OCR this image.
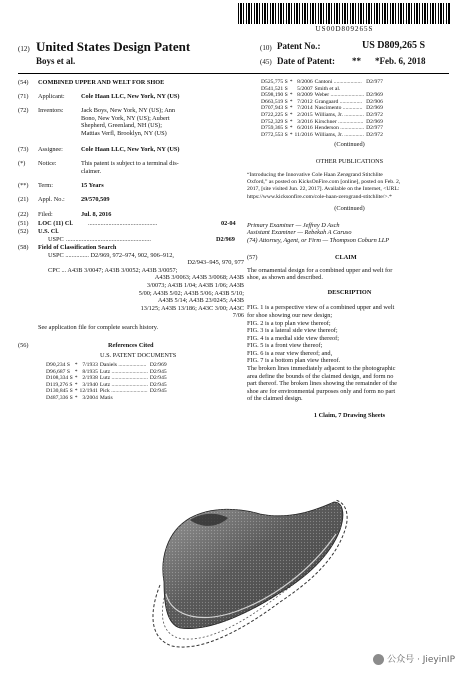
US00D809265S
(12) United States Design Patent	(10) Patent No.:	US D809,265 S
Boys et al.	(45) Date of Patent: ** *Feb. 6, 2018
(54) COMBINED UPPER AND WELT FOR SHOE
(71) Applicant:	Cole Haan LLC, New York, NY (US)
(72) Inventors:	Jack Boys, New York, NY (US); Ann
Bono, New York, NY (US); Aubert
Shepherd, Greenland, NH (US);
Mattias Verfl, Brooklyn, NY (US)
(73) Assignee:	Cole Haan LLC, New York, NY (US)
(*) Notice:	This patent is subject to a terminal dis-
claimer.
(**) Term:	15 Years
(21) Appl. No.:	29/570,509
(22) Filed:	Jul. 8, 2016
(51) LOC (11) Cl. ............................................	02-04
(52) U.S. Cl.
USPC ......................................................	D2/969
(58) Field of Classification Search
USPC ............... D2/969, 972–974, 902, 906–912,
D2/943–945, 970, 977
CPC ... A43B 3/0047; A43B 3/0052; A43B 3/0057;
A43B 3/0063; A43B 3/0068; A43B
3/0073; A43B 1/04; A43B 1/06; A43B
5/00; A43B 5/02; A43B 5/06; A43B 5/10;
A43B 5/14; A43B 23/0245; A43B
13/125; A43B 13/186; A43C 3/00; A43C
7/06
See application file for complete search history.
(56)	References Cited
U.S. PATENT DOCUMENTS
D90,234 S	*	7/1933	Daniels ....................	D2/969
D96,687 S	*	8/1935	Lutz ..........................	D2/945
D108,334 S	*	2/1938	Lutz ..........................	D2/945
D119,276 S	*	3/1940	Lutz ..........................	D2/945
D130,845 S	*	12/1941	Pick ..........................	D2/945
D487,336 S	*	3/2004	Matis	
D525,775 S	*	8/2006	Cantoni ....................	D2/977
D541,521 S		5/2007	Smith et al.	
D598,190 S	*	8/2009	Weber ........................	D2/969
D663,519 S	*	7/2012	Grangaard ................	D2/906
D707,943 S	*	7/2014	Nascimento ..............	D2/969
D722,225 S	*	2/2015	Williams, Jr. ..............	D2/972
D752,329 S	*	3/2016	Kirschner ..................	D2/969
D759,365 S	*	6/2016	Henderson .................	D2/977
D772,553 S	*	11/2016	Williams, Jr. ..............	D2/972
(Continued)
OTHER PUBLICATIONS
“Introducing the Innovative Cole Haan Zerøgrand Stitchlite
Oxford,” as posted on KicksOnFire.com [online], posted on Feb. 2,
2017, [site visited Jun. 22, 2017]. Available on the Internet, <URL:
https://www.kicksonfire.com/cole-haan-zerogrand-stitchlite/>.*
(Continued)
Primary Examiner — Jeffrey D Asch
Assistant Examiner — Rebekah A Caruso
(74) Attorney, Agent, or Firm — Thompson Coburn LLP
(57)	CLAIM
The ornamental design for a combined upper and welt for
shoe, as shown and described.
DESCRIPTION
FIG. 1 is a perspective view of a combined upper and welt
for shoe showing our new design;
FIG. 2 is a top plan view thereof;
FIG. 3 is a lateral side view thereof;
FIG. 4 is a medial side view thereof;
FIG. 5 is a front view thereof;
FIG. 6 is a rear view thereof; and,
FIG. 7 is a bottom plan view thereof.
The broken lines immediately adjacent to the photographic
area define the bounds of the claimed design, and form no
part thereof. The broken lines showing the remainder of the
shoe are for environmental purposes only and form no part
of the claimed design.
1 Claim, 7 Drawing Sheets
公众号 · JieyinIP
